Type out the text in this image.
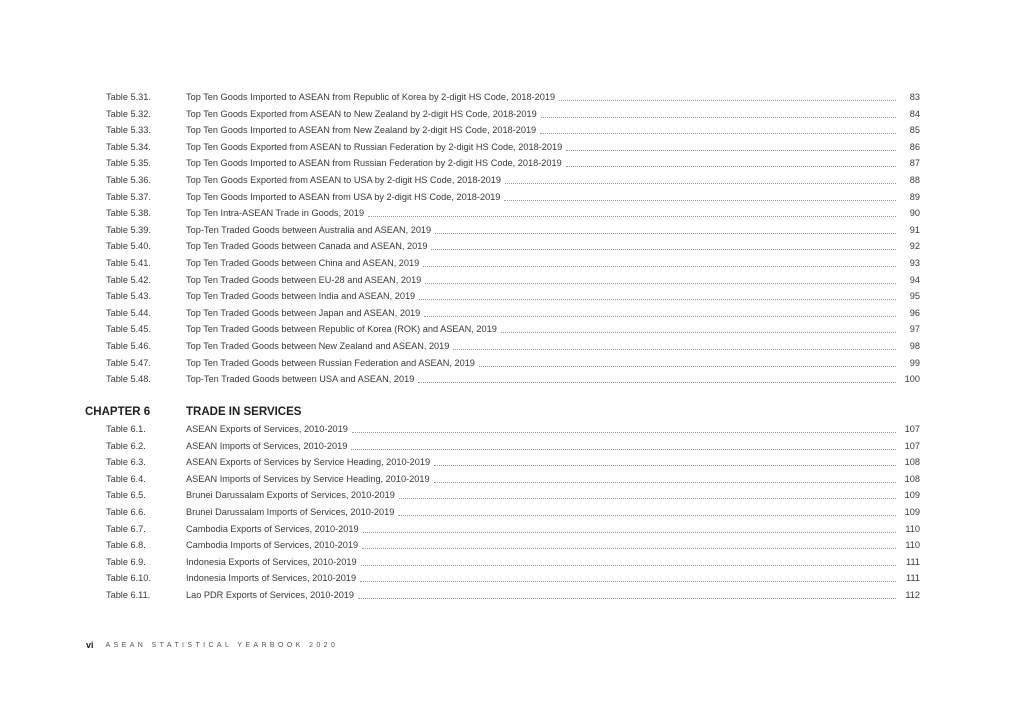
Table 5.31.	Top Ten Goods Imported to ASEAN from Republic of Korea by 2-digit HS Code, 2018-2019	83
Table 5.32.	Top Ten Goods Exported from ASEAN to New Zealand by 2-digit HS Code, 2018-2019	84
Table 5.33.	Top Ten Goods Imported to ASEAN from New Zealand by 2-digit HS Code, 2018-2019	85
Table 5.34.	Top Ten Goods Exported from ASEAN to Russian Federation by 2-digit HS Code, 2018-2019	86
Table 5.35.	Top Ten Goods Imported to ASEAN from Russian Federation by 2-digit HS Code, 2018-2019	87
Table 5.36.	Top Ten Goods Exported from ASEAN to USA by 2-digit HS Code, 2018-2019	88
Table 5.37.	Top Ten Goods Imported to ASEAN from USA by 2-digit HS Code, 2018-2019	89
Table 5.38.	Top Ten Intra-ASEAN Trade in Goods, 2019	90
Table 5.39.	Top-Ten Traded Goods between Australia and ASEAN, 2019	91
Table 5.40.	Top Ten Traded Goods between Canada and ASEAN, 2019	92
Table 5.41.	Top Ten Traded Goods between China and ASEAN, 2019	93
Table 5.42.	Top Ten Traded Goods between EU-28 and ASEAN, 2019	94
Table 5.43.	Top Ten Traded Goods between India and ASEAN, 2019	95
Table 5.44.	Top Ten Traded Goods between Japan and ASEAN, 2019	96
Table 5.45.	Top Ten Traded Goods between Republic of Korea (ROK) and ASEAN, 2019	97
Table 5.46.	Top Ten Traded Goods between New Zealand and ASEAN, 2019	98
Table 5.47.	Top Ten Traded Goods between Russian Federation and ASEAN, 2019	99
Table 5.48.	Top-Ten Traded Goods between USA and ASEAN, 2019	100
CHAPTER 6	TRADE IN SERVICES
Table 6.1.	ASEAN Exports of Services, 2010-2019	107
Table 6.2.	ASEAN Imports of Services, 2010-2019	107
Table 6.3.	ASEAN Exports of Services by Service Heading, 2010-2019	108
Table 6.4.	ASEAN Imports of Services by Service Heading, 2010-2019	108
Table 6.5.	Brunei Darussalam Exports of Services, 2010-2019	109
Table 6.6.	Brunei Darussalam Imports of Services, 2010-2019	109
Table 6.7.	Cambodia Exports of Services, 2010-2019	110
Table 6.8.	Cambodia Imports of Services, 2010-2019	110
Table 6.9.	Indonesia Exports of Services, 2010-2019	111
Table 6.10.	Indonesia Imports of Services, 2010-2019	111
Table 6.11.	Lao PDR Exports of Services, 2010-2019	112
vi ASEAN STATISTICAL YEARBOOK 2020
